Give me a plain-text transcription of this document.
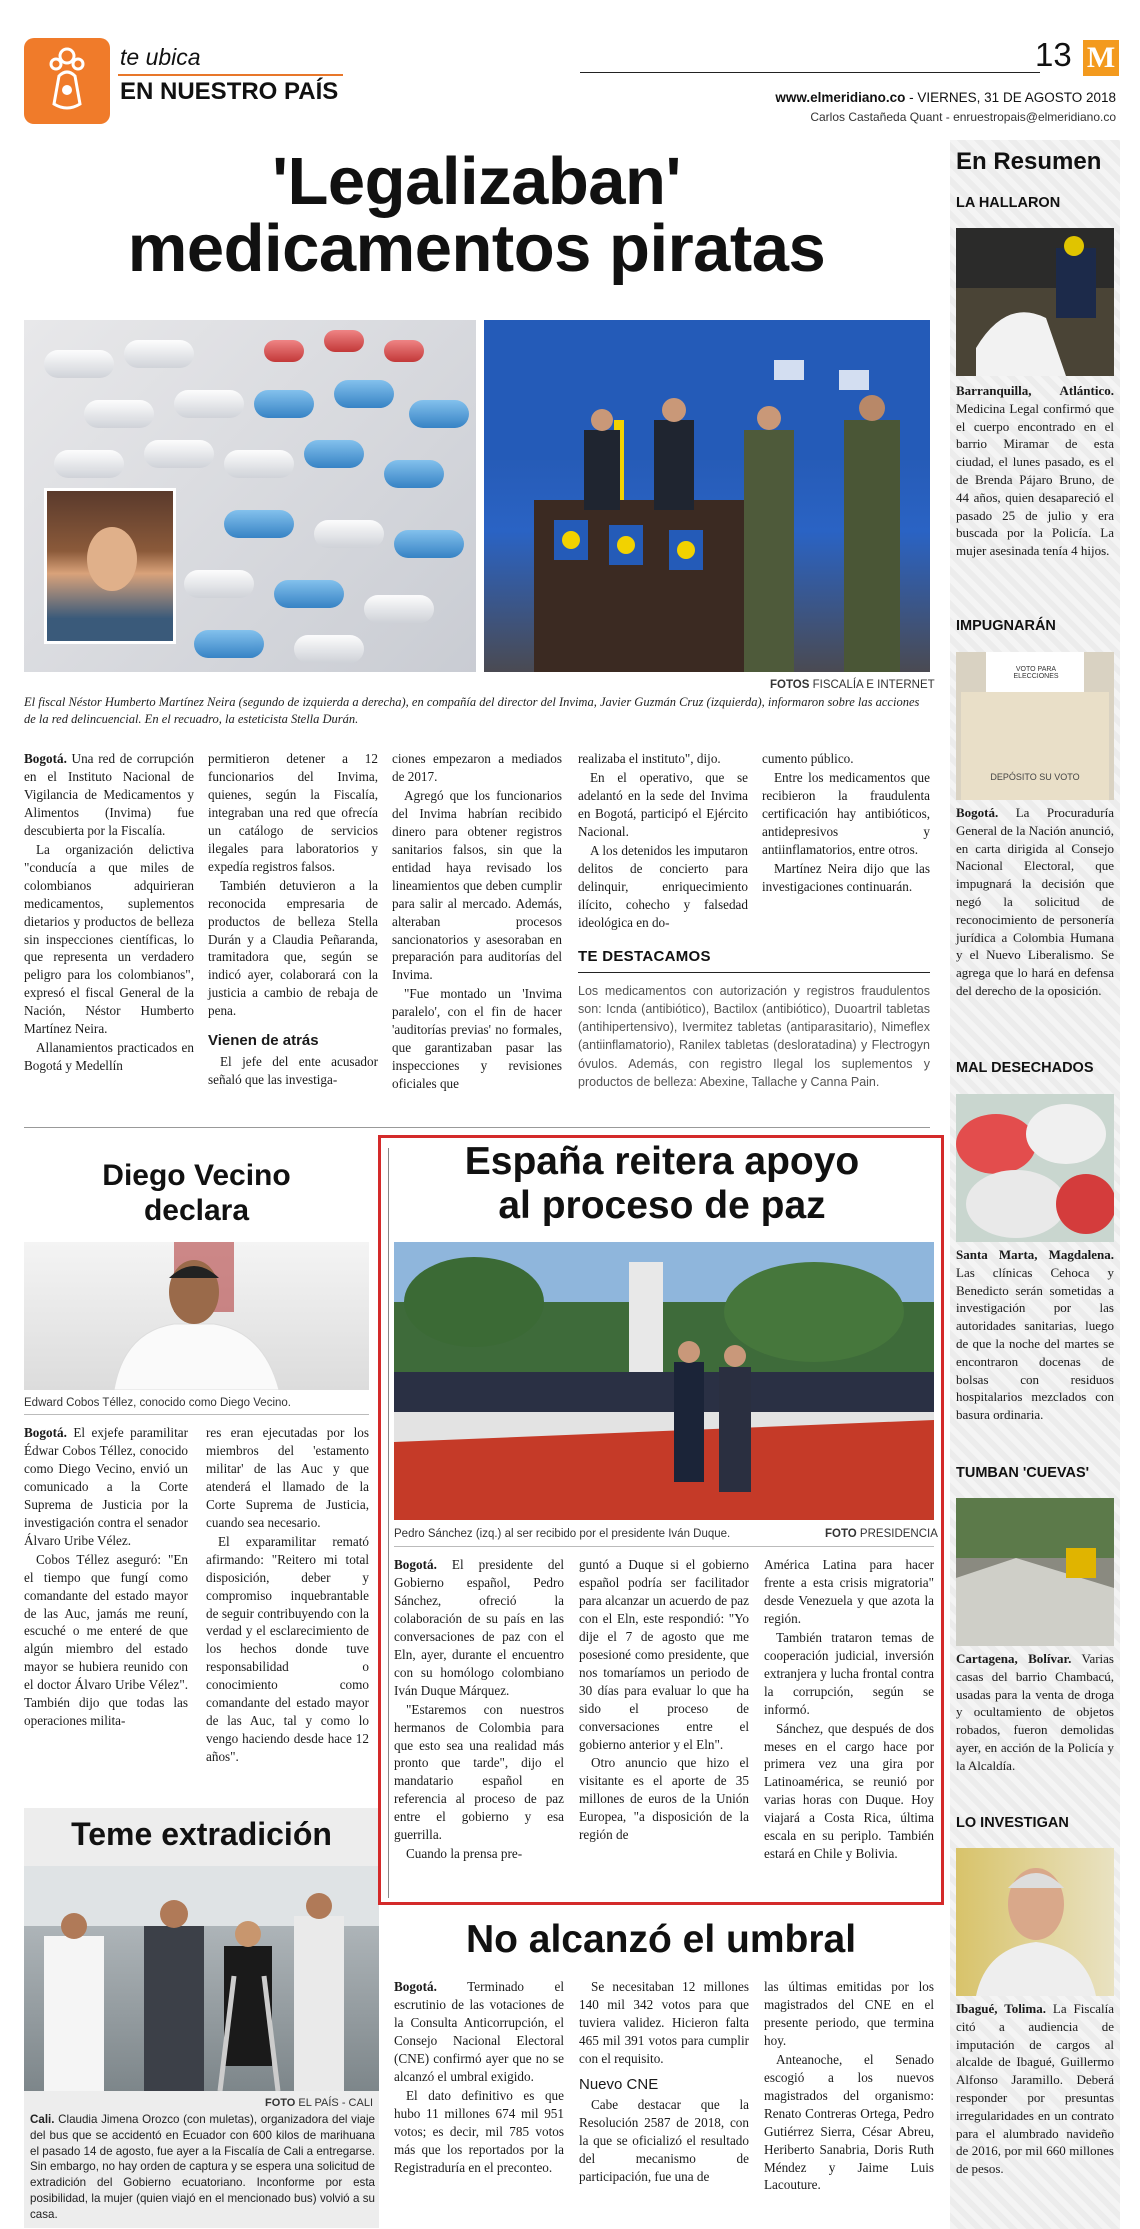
te ubica
EN NUESTRO PAÍS
13 M
www.elmeridiano.co - VIERNES, 31 DE AGOSTO 2018
Carlos Castañeda Quant - enruestropais@elmeridiano.co
'Legalizaban'
medicamentos piratas
FOTOS FISCALÍA E INTERNET
El fiscal Néstor Humberto Martínez Neira (segundo de izquierda a derecha), en compañía del director del Invima, Javier Guzmán Cruz (izquierda), informaron sobre las acciones de la red delincuencial. En el recuadro, la esteticista Stella Durán.

Bogotá. Una red de corrupción en el Instituto Nacional de Vigilancia de Medicamentos y Alimentos (Invima) fue descubierta por la Fiscalía.

La organización delictiva "conducía a que miles de colombianos adquirieran medicamentos, suplementos dietarios y productos de belleza sin inspecciones científicas, lo que representa un verdadero peligro para los colombianos", expresó el fiscal General de la Nación, Néstor Humberto Martínez Neira.

Allanamientos practicados en Bogotá y Medellín

permitieron detener a 12 funcionarios del Invima, quienes, según la Fiscalía, integraban una red que ofrecía un catálogo de servicios ilegales para laboratorios y expedía registros falsos.

También detuvieron a la reconocida empresaria de productos de belleza Stella Durán y a Claudia Peñaranda, tramitadora que, según se indicó ayer, colaborará con la justicia a cambio de rebaja de pena.

Vienen de atrás

El jefe del ente acusador señaló que las investiga-

ciones empezaron a mediados de 2017.

Agregó que los funcionarios del Invima habrían recibido dinero para obtener registros sanitarios falsos, sin que la entidad haya revisado los lineamientos que deben cumplir para salir al mercado. Además, alteraban procesos sancionatorios y asesoraban en preparación para auditorías del Invima.

"Fue montado un 'Invima paralelo', con el fin de hacer 'auditorías previas' no formales, que garantizaban pasar las inspecciones y revisiones oficiales que

realizaba el instituto", dijo.

En el operativo, que se adelantó en la sede del Invima en Bogotá, participó el Ejército Nacional.

A los detenidos les imputaron delitos de concierto para delinquir, enriquecimiento ilícito, cohecho y falsedad ideológica en do-

cumento público.

Entre los medicamentos que recibieron la fraudulenta certificación hay antibióticos, antidepresivos y antiinflamatorios, entre otros.

Martínez Neira dijo que las investigaciones continuarán.

TE DESTACAMOS
Los medicamentos con autorización y registros fraudulentos son: Icnda (antibiótico), Bactilox (antibiótico), Duoartril tabletas (antihipertensivo), Ivermitez tabletas (antiparasitario), Nimeflex (antiinflamatorio), Ranilex tabletas (desloratadina) y Flectrogyn óvulos. Además, con registro Ilegal los suplementos y productos de belleza: Abexine, Tallache y Canna Pain.
Diego Vecino
declara
Edward Cobos Téllez, conocido como Diego Vecino.

Bogotá. El exjefe paramilitar Édwar Cobos Téllez, conocido como Diego Vecino, envió un comunicado a la Corte Suprema de Justicia por la investigación contra el senador Álvaro Uribe Vélez.

Cobos Téllez aseguró: "En el tiempo que fungí como comandante del estado mayor de las Auc, jamás me reuní, escuché o me enteré de que algún miembro del estado mayor se hubiera reunido con el doctor Álvaro Uribe Vélez". También dijo que todas las operaciones milita-

res eran ejecutadas por los miembros del 'estamento militar' de las Auc y que atenderá el llamado de la Corte Suprema de Justicia, cuando sea necesario.

El exparamilitar remató afirmando: "Reitero mi total disposición, deber y compromiso inquebrantable de seguir contribuyendo con la verdad y el esclarecimiento de los hechos donde tuve responsabilidad o conocimiento como comandante del estado mayor de las Auc, tal y como lo vengo haciendo desde hace 12 años".

Teme extradición
FOTO EL PAÍS - CALI
Cali. Claudia Jimena Orozco (con muletas), organizadora del viaje del bus que se accidentó en Ecuador con 600 kilos de marihuana el pasado 14 de agosto, fue ayer a la Fiscalía de Cali a entregarse. Sin embargo, no hay orden de captura y se espera una solicitud de extradición del Gobierno ecuatoriano. Inconforme por esta posibilidad, la mujer (quien viajó en el mencionado bus) volvió a su casa.
España reitera apoyo
al proceso de paz
Pedro Sánchez (izq.) al ser recibido por el presidente Iván Duque.	FOTO PRESIDENCIA

Bogotá. El presidente del Gobierno español, Pedro Sánchez, ofreció la colaboración de su país en las conversaciones de paz con el Eln, ayer, durante el encuentro con su homólogo colombiano Iván Duque Márquez.

"Estaremos con nuestros hermanos de Colombia para que esto sea una realidad más pronto que tarde", dijo el mandatario español en referencia al proceso de paz entre el gobierno y esa guerrilla.

Cuando la prensa pre-

guntó a Duque si el gobierno español podría ser facilitador para alcanzar un acuerdo de paz con el Eln, este respondió: "Yo dije el 7 de agosto que me posesioné como presidente, que nos tomaríamos un periodo de 30 días para evaluar lo que ha sido el proceso de conversaciones entre el gobierno anterior y el Eln".

Otro anuncio que hizo el visitante es el aporte de 35 millones de euros de la Unión Europea, "a disposición de la región de

América Latina para hacer frente a esta crisis migratoria" desde Venezuela y que azota la región.

También trataron temas de cooperación judicial, inversión extranjera y lucha frontal contra la corrupción, según se informó.

Sánchez, que después de dos meses en el cargo hace por primera vez una gira por Latinoamérica, se reunió por varias horas con Duque. Hoy viajará a Costa Rica, última escala en su periplo. También estará en Chile y Bolivia.

No alcanzó el umbral

Bogotá. Terminado el escrutinio de las votaciones de la Consulta Anticorrupción, el Consejo Nacional Electoral (CNE) confirmó ayer que no se alcanzó el umbral exigido.

El dato definitivo es que hubo 11 millones 674 mil 951 votos; es decir, mil 785 votos más que los reportados por la Registraduría en el preconteo.

Se necesitaban 12 millones 140 mil 342 votos para que tuviera validez. Hicieron falta 465 mil 391 votos para cumplir con el requisito.

Nuevo CNE

Cabe destacar que la Resolución 2587 de 2018, con la que se oficializó el resultado del mecanismo de participación, fue una de

las últimas emitidas por los magistrados del CNE en el presente periodo, que termina hoy.

Anteanoche, el Senado escogió a los nuevos magistrados del organismo: Renato Contreras Ortega, Pedro Gutiérrez Sierra, César Abreu, Heriberto Sanabria, Doris Ruth Méndez y Jaime Luis Lacouture.

En Resumen
LA HALLARON

Barranquilla, Atlántico. Medicina Legal confirmó que el cuerpo encontrado en el barrio Miramar de esta ciudad, el lunes pasado, es el de Brenda Pájaro Bruno, de 44 años, quien desapareció el pasado 25 de julio y era buscada por la Policía. La mujer asesinada tenía 4 hijos.

IMPUGNARÁN
VOTO PARA ELECCIONES
DEPÓSITO SU VOTO

Bogotá. La Procuraduría General de la Nación anunció, en carta dirigida al Consejo Nacional Electoral, que impugnará la decisión que negó la solicitud de reconocimiento de personería jurídica a Colombia Humana y el Nuevo Liberalismo. Se agrega que lo hará en defensa del derecho de la oposición.

MAL DESECHADOS

Santa Marta, Magdalena. Las clínicas Cehoca y Benedicto serán sometidas a investigación por las autoridades sanitarias, luego de que la noche del martes se encontraron docenas de bolsas con residuos hospitalarios mezclados con basura ordinaria.

TUMBAN 'CUEVAS'

Cartagena, Bolívar. Varias casas del barrio Chambacú, usadas para la venta de droga y ocultamiento de objetos robados, fueron demolidas ayer, en acción de la Policía y la Alcaldía.

LO INVESTIGAN

Ibagué, Tolima. La Fiscalía citó a audiencia de imputación de cargos al alcalde de Ibagué, Guillermo Alfonso Jaramillo. Deberá responder por presuntas irregularidades en un contrato para el alumbrado navideño de 2016, por mil 660 millones de pesos.
